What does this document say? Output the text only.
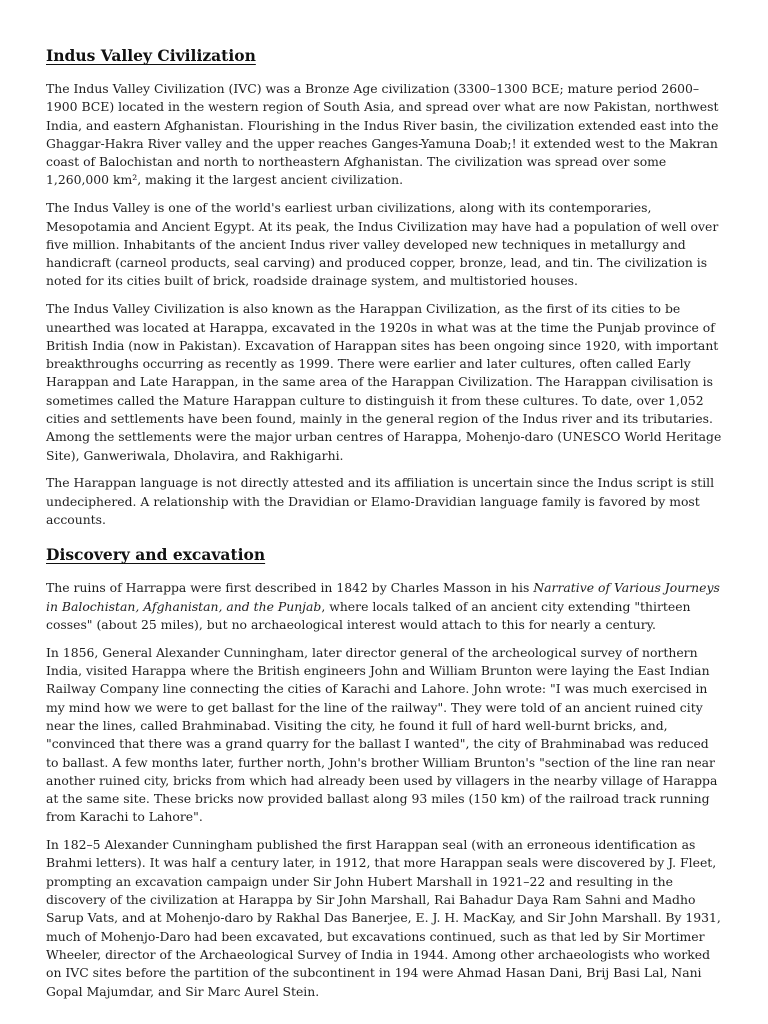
Indus Valley Civilization

The Indus Valley Civilization (IVC) was a Bronze Age civilization (3300–1300 BCE; mature period 2600–1900 BCE) located in the western region of South Asia, and spread over what are now Pakistan, northwest India, and eastern Afghanistan. Flourishing in the Indus River basin, the civilization extended east into the Ghaggar-Hakra River valley and the upper reaches Ganges-Yamuna Doab;! it extended west to the Makran coast of Balochistan and north to northeastern Afghanistan. The civilization was spread over some 1,260,000 km², making it the largest ancient civilization.

The Indus Valley is one of the world's earliest urban civilizations, along with its contemporaries, Mesopotamia and Ancient Egypt. At its peak, the Indus Civilization may have had a population of well over five million. Inhabitants of the ancient Indus river valley developed new techniques in metallurgy and handicraft (carneol products, seal carving) and produced copper, bronze, lead, and tin. The civilization is noted for its cities built of brick, roadside drainage system, and multistoried houses.

The Indus Valley Civilization is also known as the Harappan Civilization, as the first of its cities to be unearthed was located at Harappa, excavated in the 1920s in what was at the time the Punjab province of British India (now in Pakistan). Excavation of Harappan sites has been ongoing since 1920, with important breakthroughs occurring as recently as 1999. There were earlier and later cultures, often called Early Harappan and Late Harappan, in the same area of the Harappan Civilization. The Harappan civilisation is sometimes called the Mature Harappan culture to distinguish it from these cultures. To date, over 1,052 cities and settlements have been found, mainly in the general region of the Indus river and its tributaries. Among the settlements were the major urban centres of Harappa, Mohenjo-daro (UNESCO World Heritage Site), Ganweriwala, Dholavira, and Rakhigarhi.

The Harappan language is not directly attested and its affiliation is uncertain since the Indus script is still undeciphered. A relationship with the Dravidian or Elamo-Dravidian language family is favored by most accounts.

Discovery and excavation

The ruins of Harrappa were first described in 1842 by Charles Masson in his Narrative of Various Journeys in Balochistan, Afghanistan, and the Punjab, where locals talked of an ancient city extending "thirteen cosses" (about 25 miles), but no archaeological interest would attach to this for nearly a century.

In 1856, General Alexander Cunningham, later director general of the archeological survey of northern India, visited Harappa where the British engineers John and William Brunton were laying the East Indian Railway Company line connecting the cities of Karachi and Lahore. John wrote: "I was much exercised in my mind how we were to get ballast for the line of the railway". They were told of an ancient ruined city near the lines, called Brahminabad. Visiting the city, he found it full of hard well-burnt bricks, and, "convinced that there was a grand quarry for the ballast I wanted", the city of Brahminabad was reduced to ballast. A few months later, further north, John's brother William Brunton's "section of the line ran near another ruined city, bricks from which had already been used by villagers in the nearby village of Harappa at the same site. These bricks now provided ballast along 93 miles (150 km) of the railroad track running from Karachi to Lahore".

In 182–5 Alexander Cunningham published the first Harappan seal (with an erroneous identification as Brahmi letters). It was half a century later, in 1912, that more Harappan seals were discovered by J. Fleet, prompting an excavation campaign under Sir John Hubert Marshall in 1921–22 and resulting in the discovery of the civilization at Harappa by Sir John Marshall, Rai Bahadur Daya Ram Sahni and Madho Sarup Vats, and at Mohenjo-daro by Rakhal Das Banerjee, E. J. H. MacKay, and Sir John Marshall. By 1931, much of Mohenjo-Daro had been excavated, but excavations continued, such as that led by Sir Mortimer Wheeler, director of the Archaeological Survey of India in 1944. Among other archaeologists who worked on IVC sites before the partition of the subcontinent in 194 were Ahmad Hasan Dani, Brij Basi Lal, Nani Gopal Majumdar, and Sir Marc Aurel Stein.
